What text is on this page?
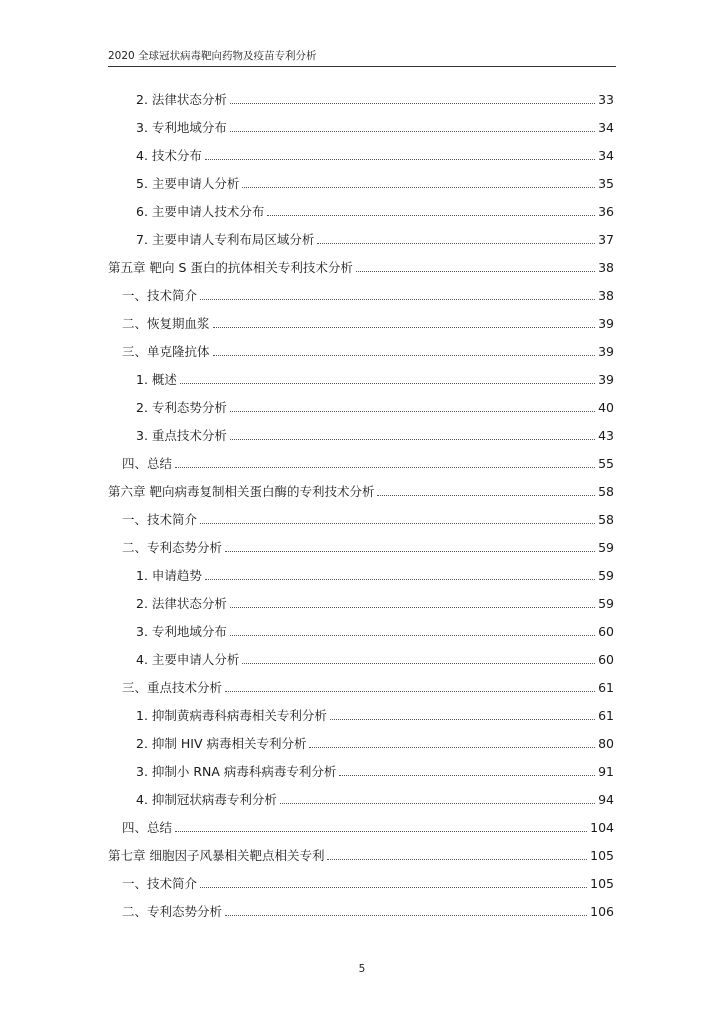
2020 全球冠状病毒靶向药物及疫苗专利分析
2. 法律状态分析	33
3. 专利地域分布	34
4. 技术分布	34
5. 主要申请人分析	35
6. 主要申请人技术分布	36
7. 主要申请人专利布局区域分析	37
第五章 靶向 S 蛋白的抗体相关专利技术分析	38
一、技术简介	38
二、恢复期血浆	39
三、单克隆抗体	39
1. 概述	39
2. 专利态势分析	40
3. 重点技术分析	43
四、总结	55
第六章 靶向病毒复制相关蛋白酶的专利技术分析	58
一、技术简介	58
二、专利态势分析	59
1. 申请趋势	59
2. 法律状态分析	59
3. 专利地域分布	60
4. 主要申请人分析	60
三、重点技术分析	61
1. 抑制黄病毒科病毒相关专利分析	61
2. 抑制 HIV 病毒相关专利分析	80
3. 抑制小 RNA 病毒科病毒专利分析	91
4. 抑制冠状病毒专利分析	94
四、总结	104
第七章 细胞因子风暴相关靶点相关专利	105
一、技术简介	105
二、专利态势分析	106
5
